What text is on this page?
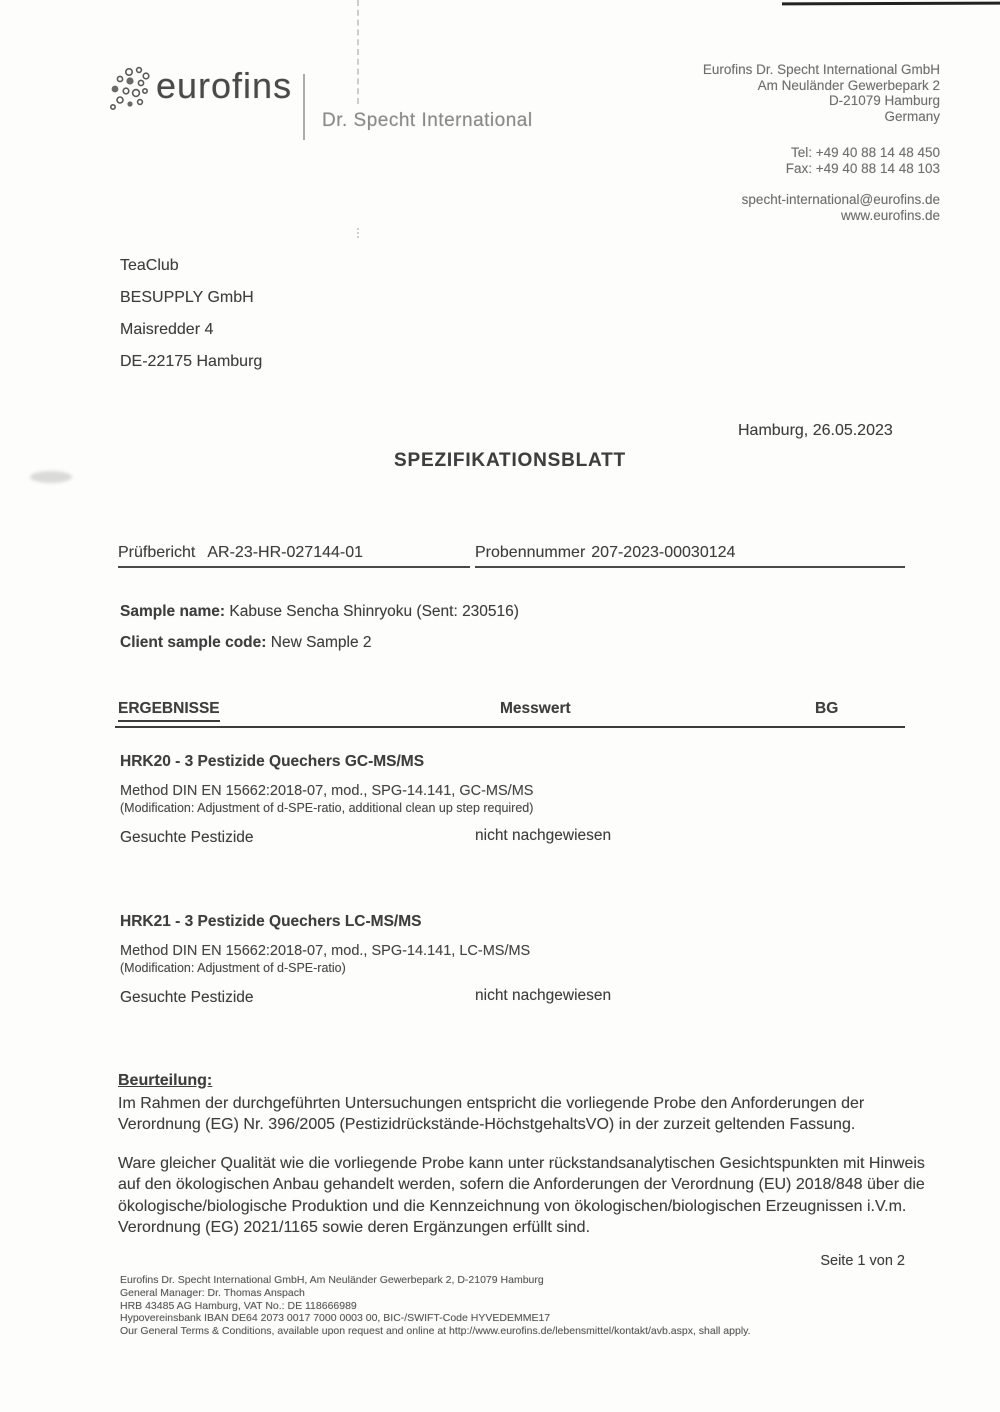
eurofins
Dr. Specht International
Eurofins Dr. Specht International GmbH
Am Neuländer Gewerbepark 2
D-21079 Hamburg
Germany
Tel: +49 40 88 14 48 450
Fax: +49 40 88 14 48 103
specht-international@eurofins.de
www.eurofins.de
TeaClub
BESUPPLY GmbH
Maisredder 4
DE-22175 Hamburg
Hamburg, 26.05.2023
SPEZIFIKATIONSBLATT
Prüfbericht AR-23-HR-027144-01	Probennummer 207-2023-00030124
Sample name: Kabuse Sencha Shinryoku (Sent: 230516)
Client sample code: New Sample 2
ERGEBNISSE	Messwert	BG
HRK20 - 3 Pestizide Quechers GC-MS/MS
Method DIN EN 15662:2018-07, mod., SPG-14.141, GC-MS/MS
(Modification: Adjustment of d-SPE-ratio, additional clean up step required)
Gesuchte Pestizide	nicht nachgewiesen
HRK21 - 3 Pestizide Quechers LC-MS/MS
Method DIN EN 15662:2018-07, mod., SPG-14.141, LC-MS/MS
(Modification: Adjustment of d-SPE-ratio)
Gesuchte Pestizide	nicht nachgewiesen
Beurteilung:
Im Rahmen der durchgeführten Untersuchungen entspricht die vorliegende Probe den Anforderungen der Verordnung (EG) Nr. 396/2005 (Pestizidrückstände-HöchstgehaltsVO) in der zurzeit geltenden Fassung.
Ware gleicher Qualität wie die vorliegende Probe kann unter rückstandsanalytischen Gesichtspunkten mit Hinweis auf den ökologischen Anbau gehandelt werden, sofern die Anforderungen der Verordnung (EU) 2018/848 über die ökologische/biologische Produktion und die Kennzeichnung von ökologischen/biologischen Erzeugnissen i.V.m. Verordnung (EG) 2021/1165 sowie deren Ergänzungen erfüllt sind.
Seite 1 von 2
Eurofins Dr. Specht International GmbH, Am Neuländer Gewerbepark 2, D-21079 Hamburg
General Manager: Dr. Thomas Anspach
HRB 43485 AG Hamburg, VAT No.: DE 118666989
Hypovereinsbank IBAN DE64 2073 0017 7000 0003 00, BIC-/SWIFT-Code HYVEDEMME17
Our General Terms & Conditions, available upon request and online at http://www.eurofins.de/lebensmittel/kontakt/avb.aspx, shall apply.
